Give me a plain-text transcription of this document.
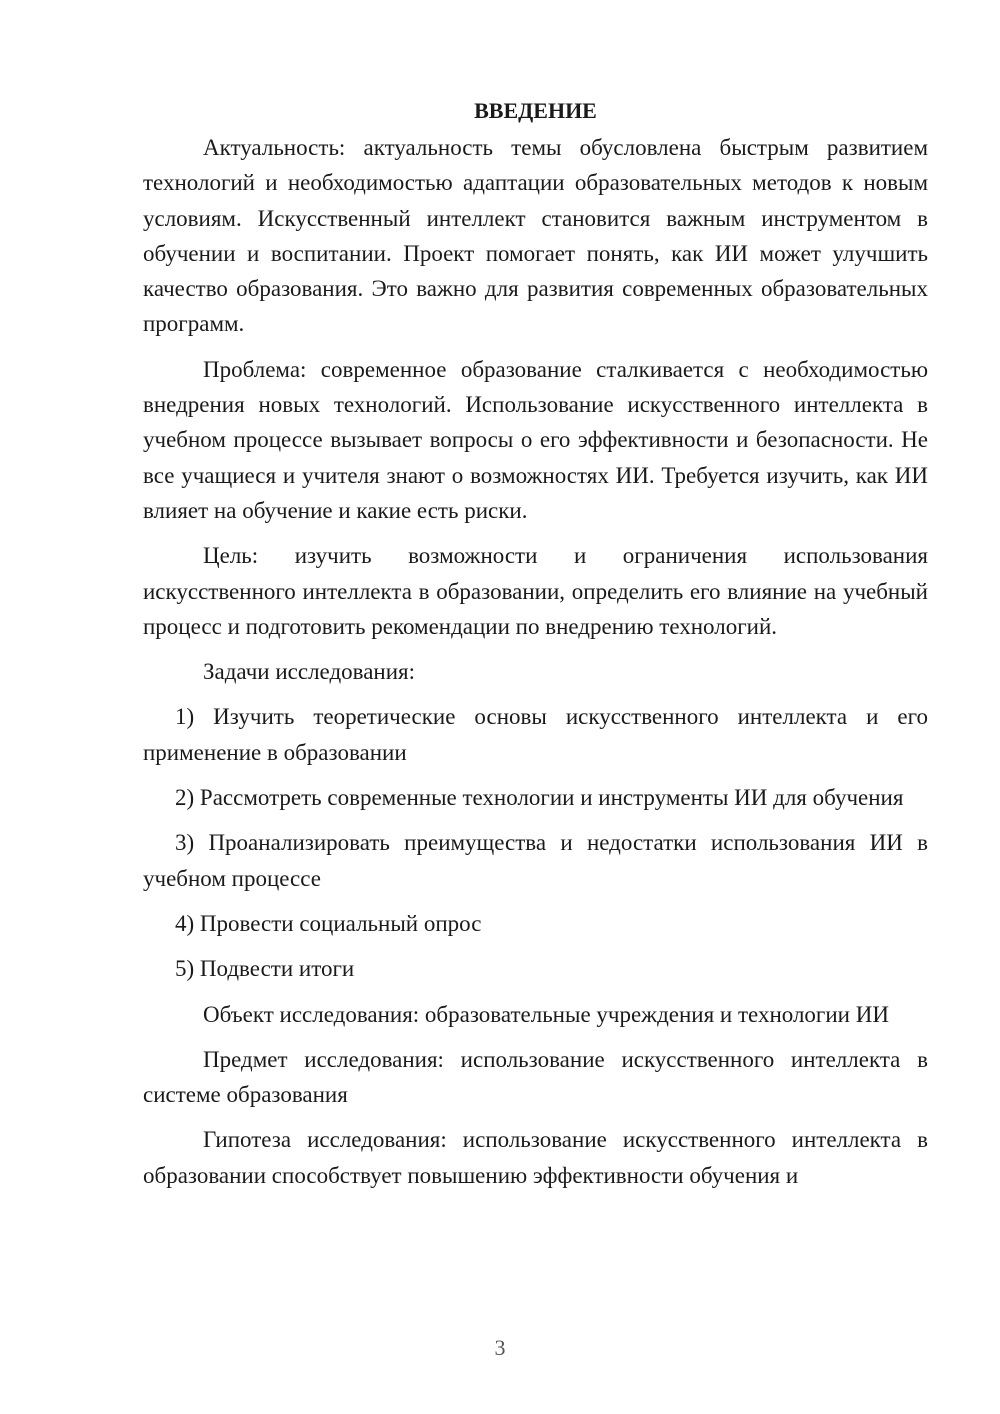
ВВЕДЕНИЕ

Актуальность: актуальность темы обусловлена быстрым развитием технологий и необходимостью адаптации образовательных методов к новым условиям. Искусственный интеллект становится важным инструментом в обучении и воспитании. Проект помогает понять, как ИИ может улучшить качество образования. Это важно для развития современных образовательных программ.

Проблема: современное образование сталкивается с необходимостью внедрения новых технологий. Использование искусственного интеллекта в учебном процессе вызывает вопросы о его эффективности и безопасности. Не все учащиеся и учителя знают о возможностях ИИ. Требуется изучить, как ИИ влияет на обучение и какие есть риски.

Цель: изучить возможности и ограничения использования искусственного интеллекта в образовании, определить его влияние на учебный процесс и подготовить рекомендации по внедрению технологий.

Задачи исследования:

1) Изучить теоретические основы искусственного интеллекта и его применение в образовании

2) Рассмотреть современные технологии и инструменты ИИ для обучения

3) Проанализировать преимущества и недостатки использования ИИ в учебном процессе

4) Провести социальный опрос

5) Подвести итоги

Объект исследования: образовательные учреждения и технологии ИИ

Предмет исследования: использование искусственного интеллекта в системе образования

Гипотеза исследования: использование искусственного интеллекта в образовании способствует повышению эффективности обучения и

3
